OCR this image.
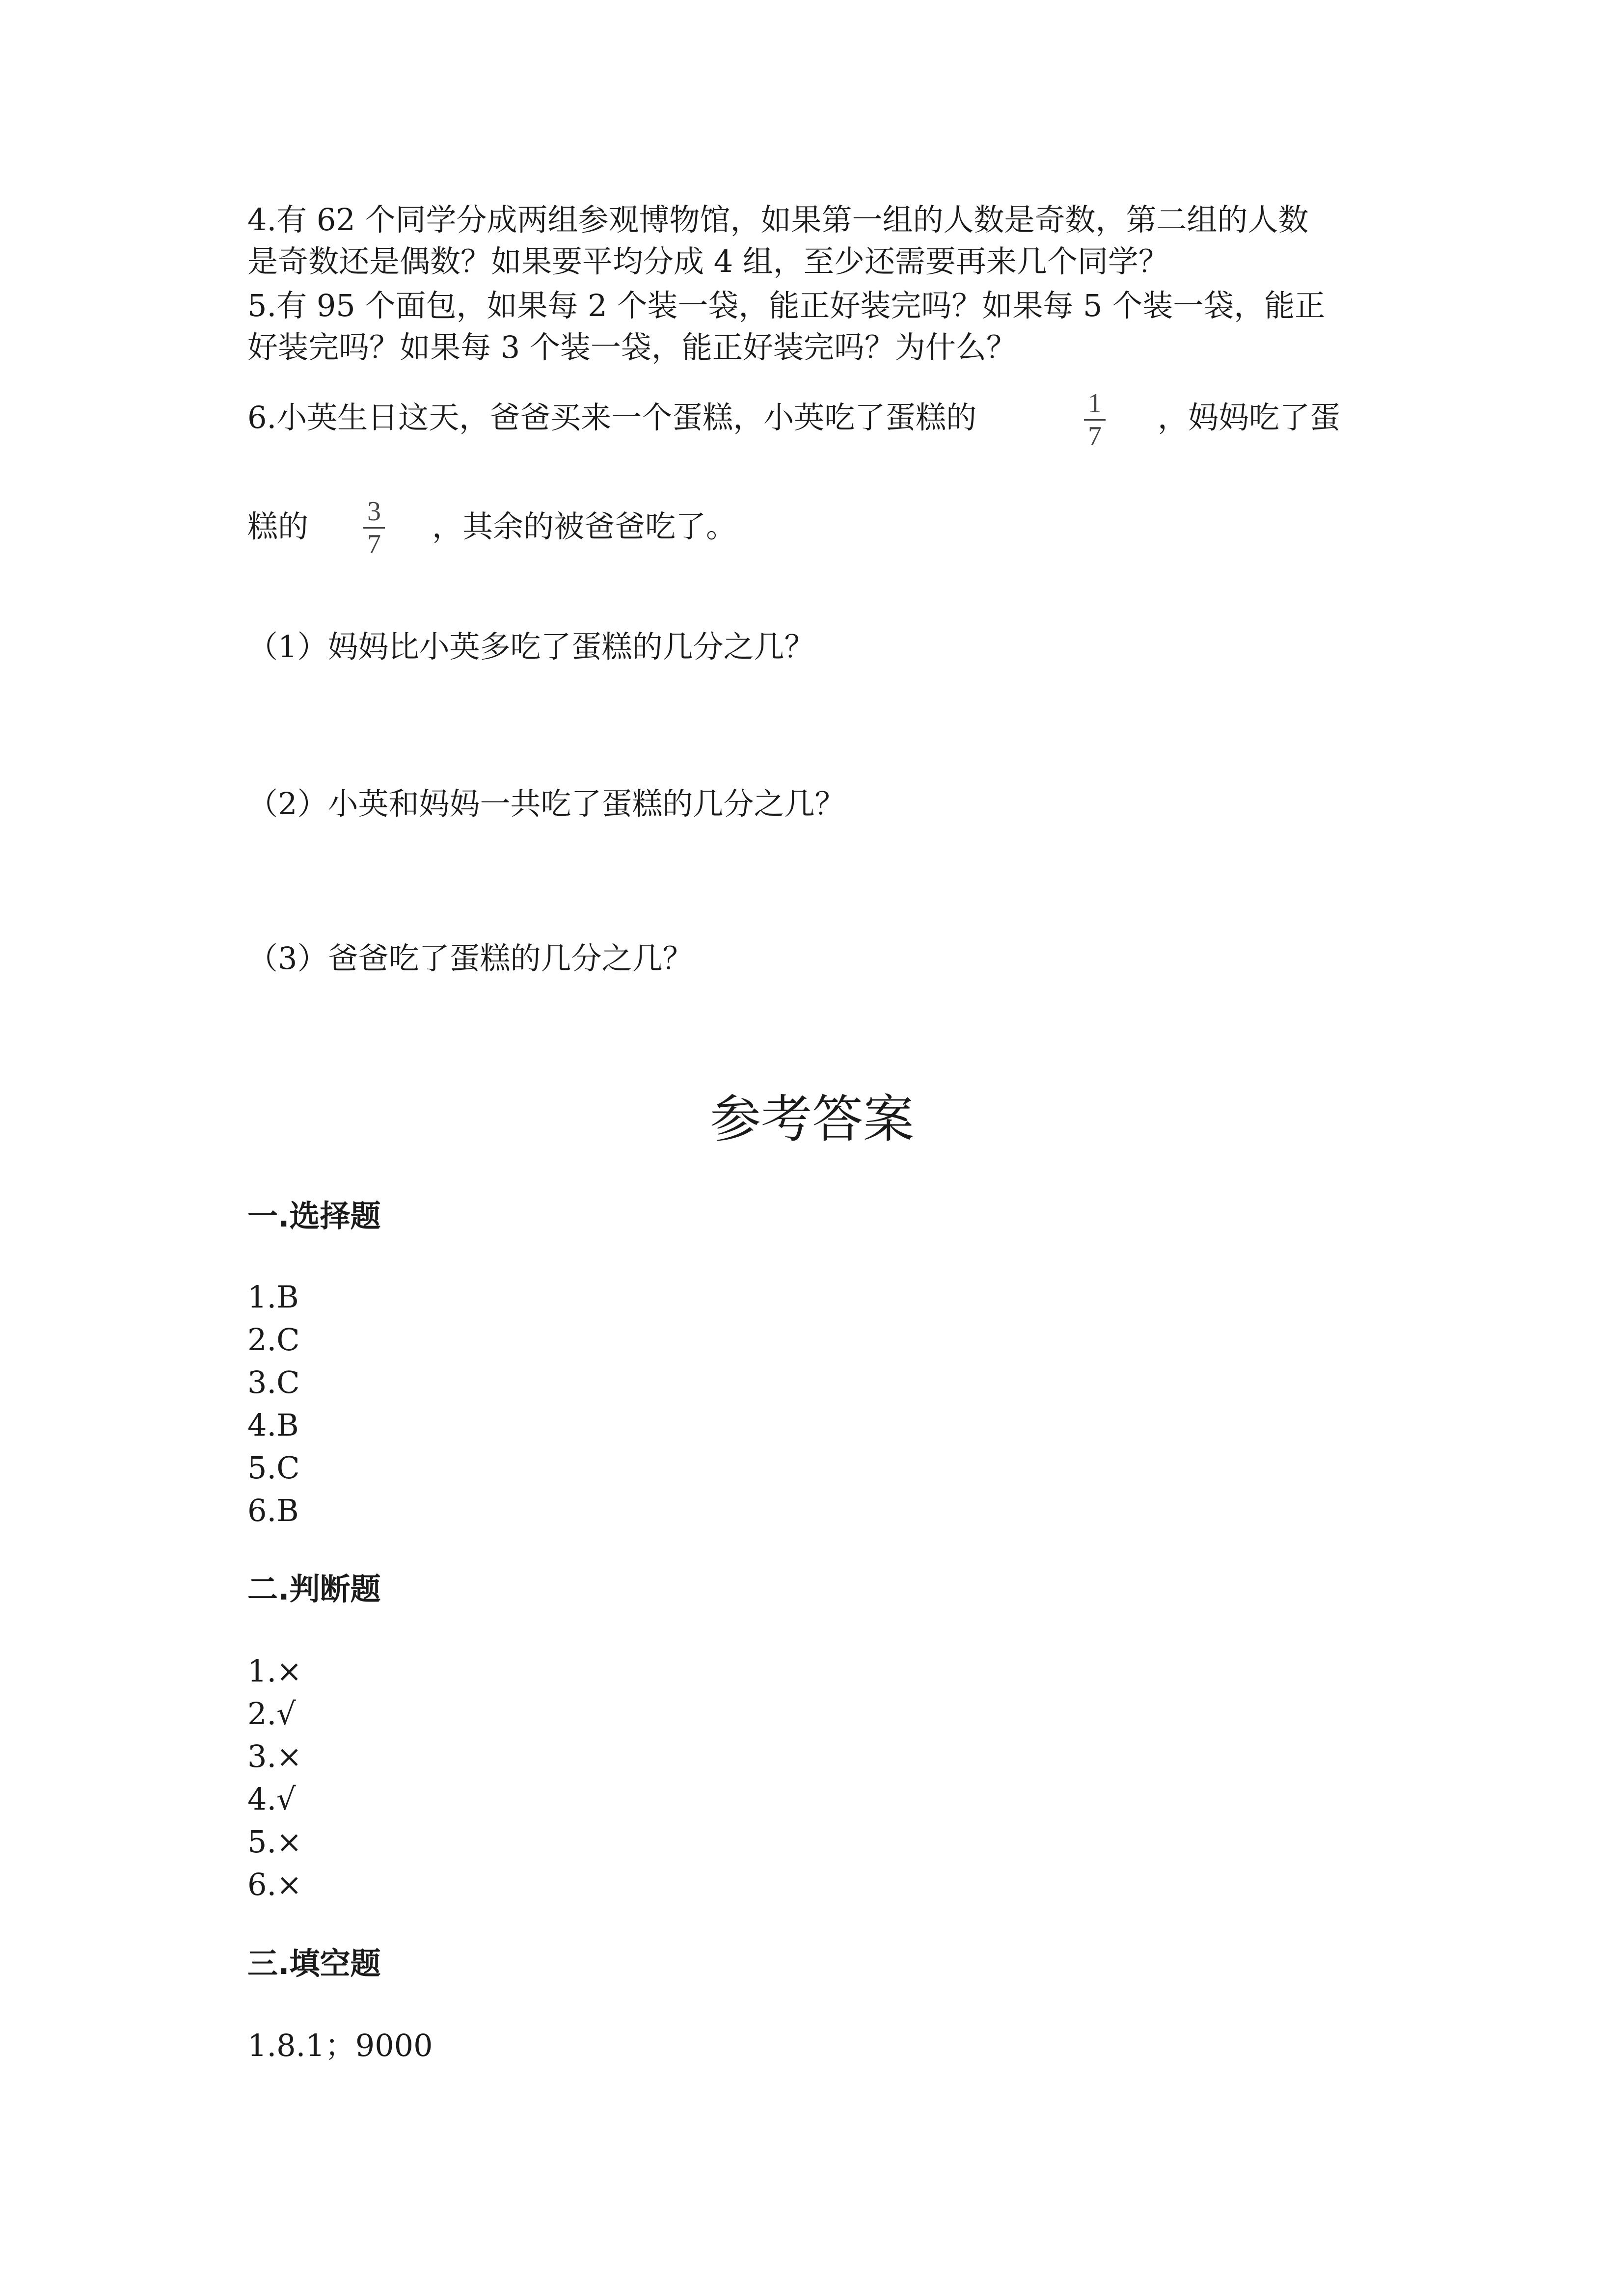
4.有 62 个同学分成两组参观博物馆，如果第一组的人数是奇数，第二组的人数
是奇数还是偶数？如果要平均分成 4 组，至少还需要再来几个同学？
5.有 95 个面包，如果每 2 个装一袋，能正好装完吗？如果每 5 个装一袋，能正
好装完吗？如果每 3 个装一袋，能正好装完吗？为什么？
6.小英生日这天，爸爸买来一个蛋糕，小英吃了蛋糕的	1
7
，妈妈吃了蛋
糕的 3
7 ，其余的被爸爸吃了。
（1）妈妈比小英多吃了蛋糕的几分之几？
（2）小英和妈妈一共吃了蛋糕的几分之几？
（3）爸爸吃了蛋糕的几分之几？
参考答案
一.选择题
1.B
2.C
3.C
4.B
5.C
6.B
二.判断题
1.×
2.√
3.×
4.√
5.×
6.×
三.填空题
1.8.1；9000
